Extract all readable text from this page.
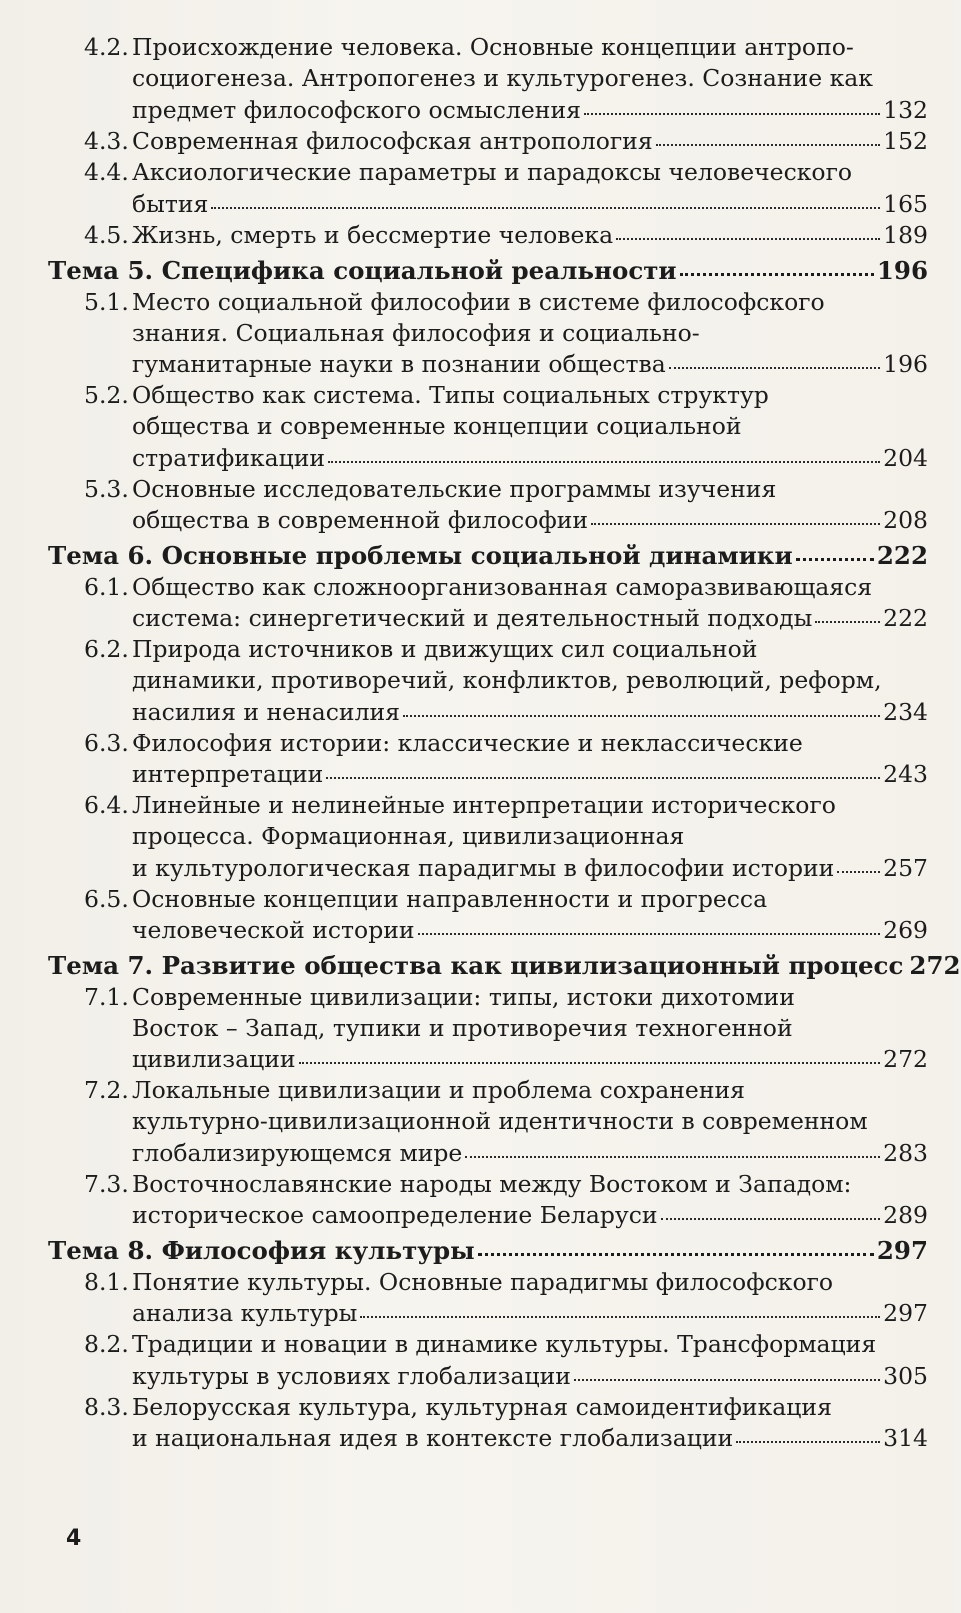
4.2. Происхождение человека. Основные концепции антропо-
социогенеза. Антропогенез и культурогенез. Сознание как
предмет философского осмысления	132
4.3. Современная философская антропология	152
4.4. Аксиологические параметры и парадоксы человеческого
бытия	165
4.5. Жизнь, смерть и бессмертие человека	189
Тема 5. Специфика социальной реальности	196
5.1. Место социальной философии в системе философского
знания. Социальная философия и социально-
гуманитарные науки в познании общества	196
5.2. Общество как система. Типы социальных структур
общества и современные концепции социальной
стратификации	204
5.3. Основные исследовательские программы изучения
общества в современной философии	208
Тема 6. Основные проблемы социальной динамики	222
6.1. Общество как сложноорганизованная саморазвивающаяся
система: синергетический и деятельностный подходы	222
6.2. Природа источников и движущих сил социальной
динамики, противоречий, конфликтов, революций, реформ,
насилия и ненасилия	234
6.3. Философия истории: классические и неклассические
интерпретации	243
6.4. Линейные и нелинейные интерпретации исторического
процесса. Формационная, цивилизационная
и культурологическая парадигмы в философии истории 257
6.5. Основные концепции направленности и прогресса
человеческой истории	269
Тема 7. Развитие общества как цивилизационный процесс 272
7.1. Современные цивилизации: типы, истоки дихотомии
Восток – Запад, тупики и противоречия техногенной
цивилизации	272
7.2. Локальные цивилизации и проблема сохранения
культурно-цивилизационной идентичности в современном
глобализирующемся мире	283
7.3. Восточнославянские народы между Востоком и Западом:
историческое самоопределение Беларуси	289
Тема 8. Философия культуры	297
8.1. Понятие культуры. Основные парадигмы философского
анализа культуры	297
8.2. Традиции и новации в динамике культуры. Трансформация
культуры в условиях глобализации	305
8.3. Белорусская культура, культурная самоидентификация
и национальная идея в контексте глобализации	314
4
